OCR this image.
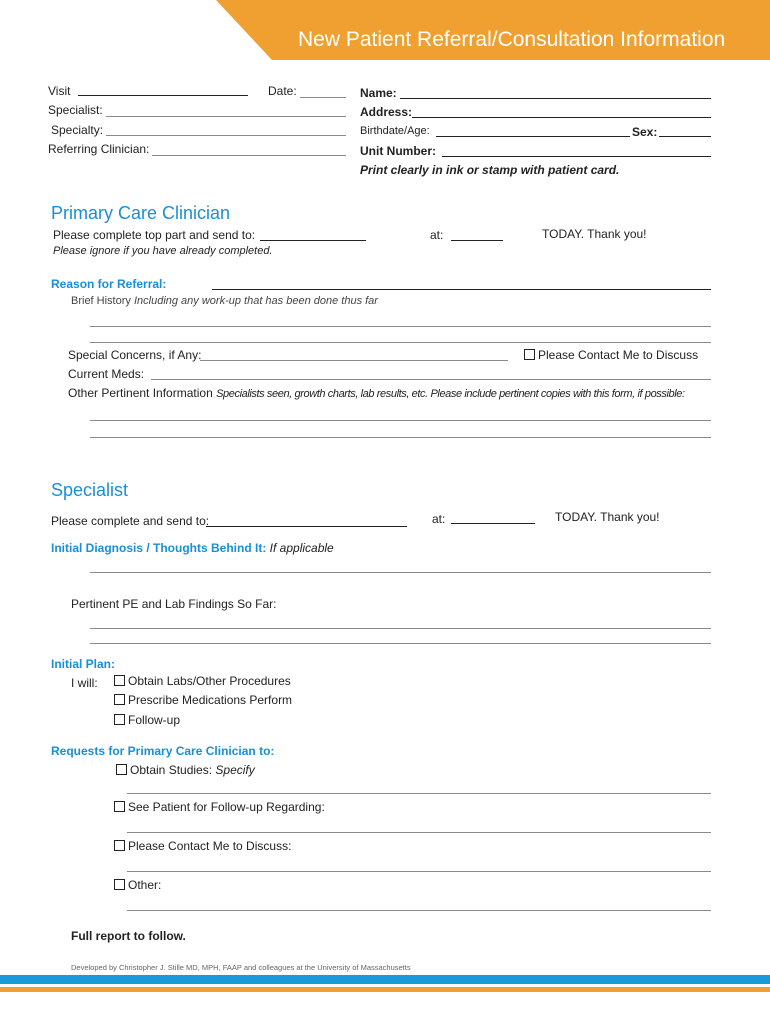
New Patient Referral/Consultation Information
Visit	Date:
Specialist:
Specialty:
Referring Clinician:
Name:
Address:
Birthdate/Age:	Sex:
Unit Number:
Print clearly in ink or stamp with patient card.
Primary Care Clinician
Please complete top part and send to:	at:	TODAY. Thank you!
Please ignore if you have already completed.
Reason for Referral:
Brief History Including any work-up that has been done thus far
Special Concerns, if Any:	Please Contact Me to Discuss
Current Meds:
Other Pertinent Information Specialists seen, growth charts, lab results, etc. Please include pertinent copies with this form, if possible:
Specialist
Please complete and send to:	at:	TODAY. Thank you!
Initial Diagnosis / Thoughts Behind It: If applicable
Pertinent PE and Lab Findings So Far:
Initial Plan:
I will:	Obtain Labs/Other Procedures
Prescribe Medications Perform
Follow-up
Requests for Primary Care Clinician to:
Obtain Studies: Specify
See Patient for Follow-up Regarding:
Please Contact Me to Discuss:
Other:
Full report to follow.
Developed by Christopher J. Stille MD, MPH, FAAP and colleagues at the University of Massachusetts
